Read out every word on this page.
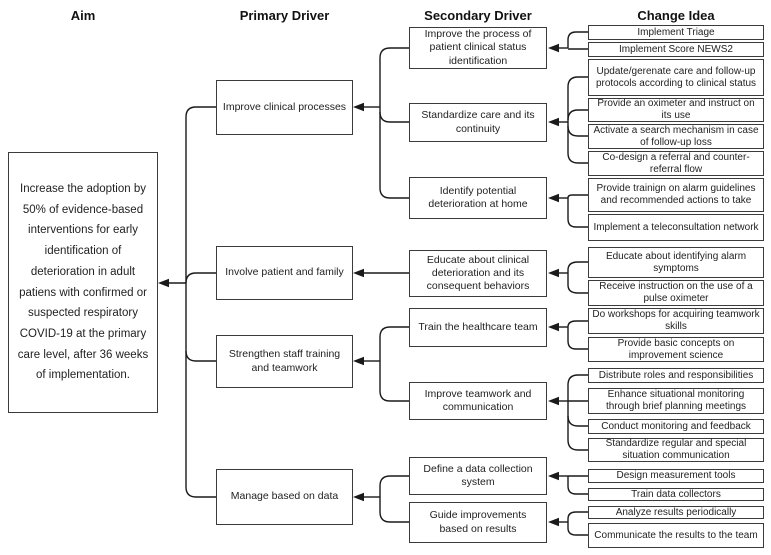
Aim	Primary Driver	Secondary Driver	Change Idea
Increase the adoption by 50% of evidence-based interventions for early identification of deterioration in adult patiens with confirmed or suspected respiratory COVID-19 at the primary care level, after 36 weeks of implementation.
Improve clinical processes
Involve patient and family
Strengthen staff training and teamwork
Manage based on data
Improve the process of patient clinical status identification
Standardize care and its continuity
Identify potential deterioration at home
Educate about clinical deterioration and its consequent behaviors
Train the healthcare team
Improve teamwork and communication
Define a data collection system
Guide improvements based on results
Implement Triage
Implement Score NEWS2
Update/gerenate care and follow-up protocols according to clinical status
Provide an oximeter and instruct on its use
Activate a search mechanism in case of follow-up loss
Co-design a referral and counter-referral flow
Provide trainign on alarm guidelines and recommended actions to take
Implement a teleconsultation network
Educate about identifying alarm symptoms
Receive instruction on the use of a pulse oximeter
Do workshops for acquiring teamwork skills
Provide basic concepts on improvement science
Distribute roles and responsibilities
Enhance situational monitoring through brief planning meetings
Conduct monitoring and feedback
Standardize regular and special situation communication
Design measurement tools
Train data collectors
Analyze results periodically
Communicate the results to the team
